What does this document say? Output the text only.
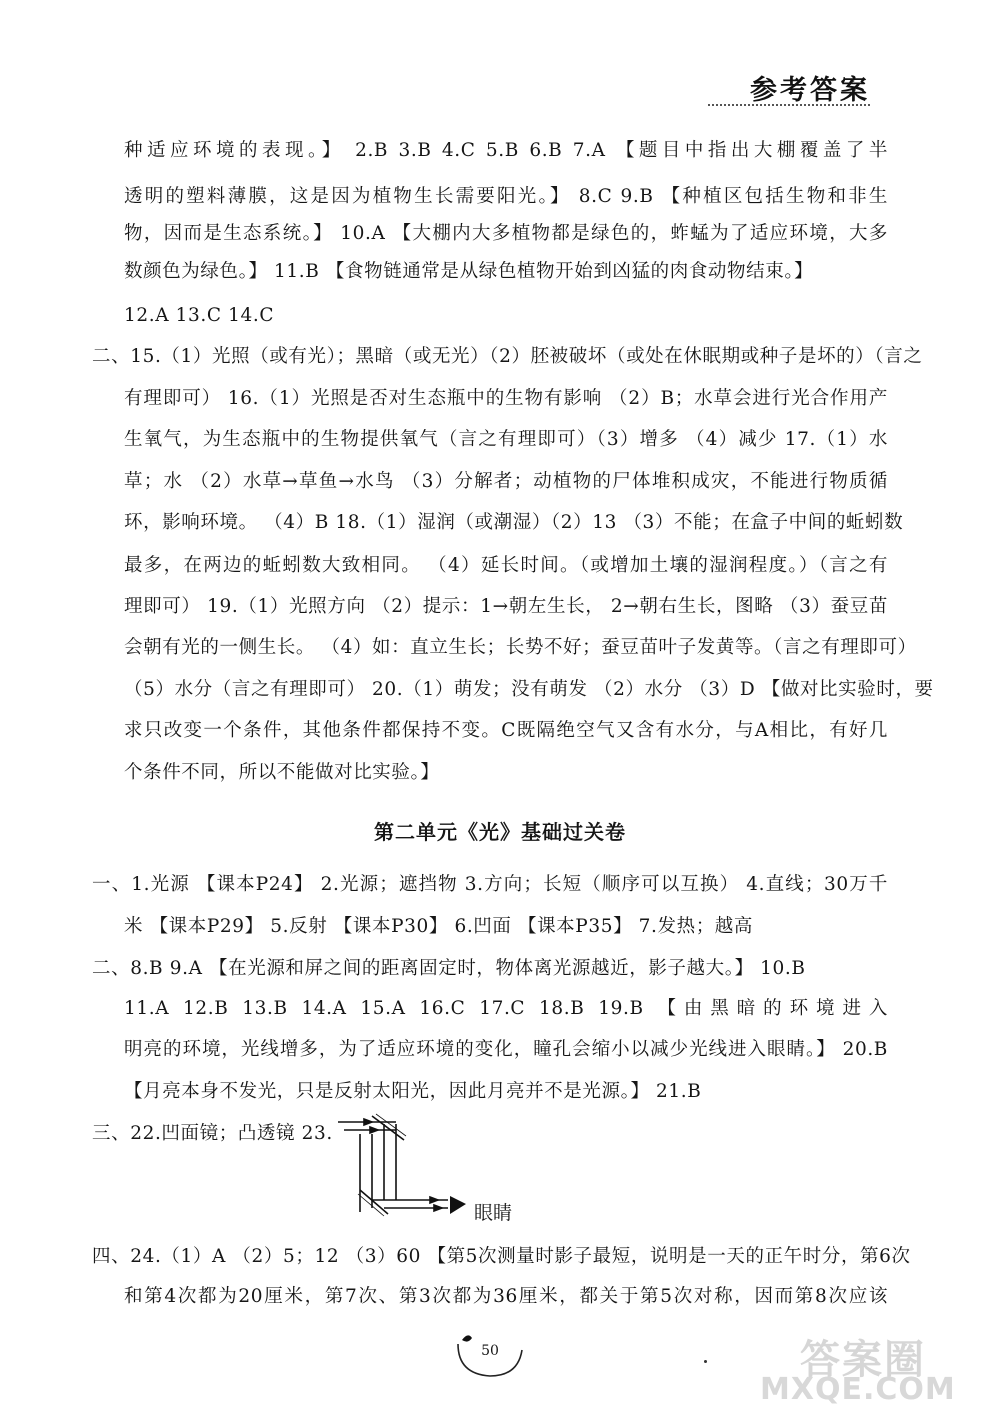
参考答案
种适应环境的表现。】 2.B 3.B 4.C 5.B 6.B 7.A 【题目中指出大棚覆盖了半
透明的塑料薄膜，这是因为植物生长需要阳光。】 8.C 9.B 【种植区包括生物和非生
物，因而是生态系统。】 10.A 【大棚内大多植物都是绿色的，蚱蜢为了适应环境，大多
数颜色为绿色。】 11.B 【食物链通常是从绿色植物开始到凶猛的肉食动物结束。】
12.A 13.C 14.C
二、15.（1）光照（或有光）；黑暗（或无光）（2）胚被破坏（或处在休眠期或种子是坏的）（言之
有理即可） 16.（1）光照是否对生态瓶中的生物有影响 （2）B；水草会进行光合作用产
生氧气，为生态瓶中的生物提供氧气（言之有理即可）（3）增多 （4）减少 17.（1）水
草；水 （2）水草→草鱼→水鸟 （3）分解者；动植物的尸体堆积成灾，不能进行物质循
环，影响环境。 （4）B 18.（1）湿润（或潮湿）（2）13 （3）不能；在盒子中间的蚯蚓数
最多，在两边的蚯蚓数大致相同。 （4）延长时间。（或增加土壤的湿润程度。）（言之有
理即可） 19.（1）光照方向 （2）提示：1→朝左生长， 2→朝右生长，图略 （3）蚕豆苗
会朝有光的一侧生长。 （4）如：直立生长；长势不好；蚕豆苗叶子发黄等。（言之有理即可）
（5）水分（言之有理即可） 20.（1）萌发；没有萌发 （2）水分 （3）D 【做对比实验时，要
求只改变一个条件，其他条件都保持不变。C既隔绝空气又含有水分，与A相比，有好几
个条件不同，所以不能做对比实验。】
第二单元《光》基础过关卷
一、1.光源 【课本P24】 2.光源；遮挡物 3.方向；长短（顺序可以互换） 4.直线；30万千
米 【课本P29】 5.反射 【课本P30】 6.凹面 【课本P35】 7.发热；越高
二、8.B 9.A 【在光源和屏之间的距离固定时，物体离光源越近，影子越大。】 10.B
11.A 12.B 13.B 14.A 15.A 16.C 17.C 18.B 19.B 【由黑暗的环境进入
明亮的环境，光线增多，为了适应环境的变化，瞳孔会缩小以减少光线进入眼睛。】 20.B
【月亮本身不发光，只是反射太阳光，因此月亮并不是光源。】 21.B
三、22.凹面镜；凸透镜 23.
眼睛
四、24.（1）A （2）5；12 （3）60 【第5次测量时影子最短，说明是一天的正午时分，第6次
和第4次都为20厘米，第7次、第3次都为36厘米，都关于第5次对称，因而第8次应该
50	答案圈
MXQE.COM
